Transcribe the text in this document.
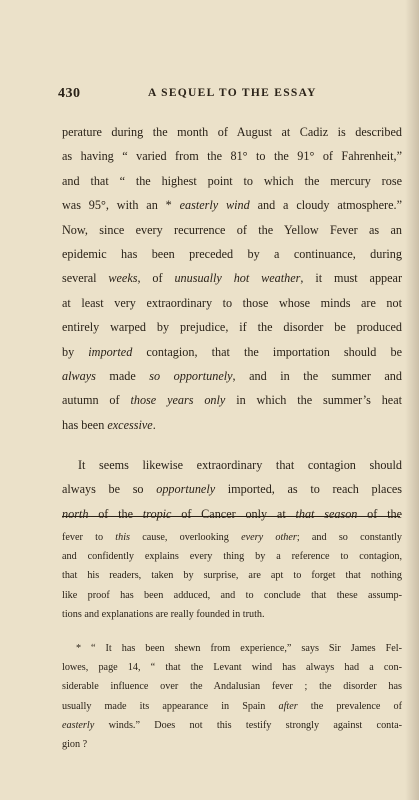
430	A SEQUEL TO THE ESSAY
perature during the month of August at Cadiz is described
as having “ varied from the 81° to the 91° of Fahrenheit,”
and that “ the highest point to which the mercury rose
was 95°, with an * easterly wind and a cloudy atmosphere.”
Now, since every recurrence of the Yellow Fever as an
epidemic has been preceded by a continuance, during
several weeks, of unusually hot weather, it must appear
at least very extraordinary to those whose minds are not
entirely warped by prejudice, if the disorder be produced
by imported contagion, that the importation should be
always made so opportunely, and in the summer and
autumn of those years only in which the summer’s heat
has been excessive.
It seems likewise extraordinary that contagion should
always be so opportunely imported, as to reach places
north of the tropic of Cancer only at that season of the
fever to this cause, overlooking every other; and so constantly
and confidently explains every thing by a reference to contagion,
that his readers, taken by surprise, are apt to forget that nothing
like proof has been adduced, and to conclude that these assump-
tions and explanations are really founded in truth.
* “ It has been shewn from experience,” says Sir James Fel-
lowes, page 14, “ that the Levant wind has always had a con-
siderable influence over the Andalusian fever ; the disorder has
usually made its appearance in Spain after the prevalence of
easterly winds.” Does not this testify strongly against conta-
gion ?
